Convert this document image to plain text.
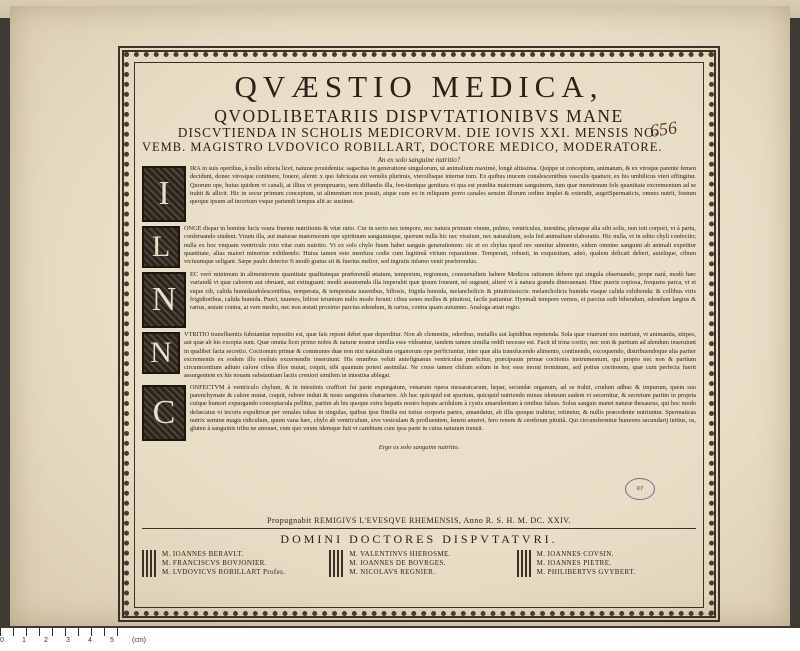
656
RF
QVÆSTIO MEDICA,
QVODLIBETARIIS DISPVTATIONIBVS MANE
DISCVTIENDA IN SCHOLIS MEDICORVM. DIE IOVIS XXI. MENSIS NO-
VEMB. MAGISTRO LVDOVICO ROBILLART, DOCTORE MEDICO, MODERATORE.
An ex solo sanguine nutritio?
I
IRA in suis operibus, à nullo edocta licet, naturæ prouidentia: sagacitas in generatione singulorum, ut animalium maximè, longè altissima. Quippe ut conceptum, animatum, & ex vtroque parente femen decidunt, donec virosque continere, fouere, aleret: x quo fabricata est venulis plurimis, vteroilisque internæ tum. Ex quibus inucem conalescentibus vasculis quatuor, ex his umbilicus vteri effingitur. Quorum ope, huius quidem vt canali, at illius vt prompruario, sem diffandis illa, fen-tientque genitura vi qua est prædita maternum sanguinem, tum quæ menstruum fols quantitate excrementum ad se trahit & allicit. Hic in secur primum conceptum, ut alimentum non possit, atque cum eo in reliquum porro canales sensim illorum ordine implet & extendit, augetSpermaticis, omnes nutrit, foetum quoque ipsum ad incertum vsque partendi tempus alit ac sustinet.
L
ONGE dispar in homine lucis vsura fruente nutritionis & vitæ ratio. Cur in secto nec tempore, nec natura primum vinum, pulmo, ventriculus, intestina, pleraque alia sibi solis, non toti corpori, vt à partu, conferuando student. Vnum illa, aut maturae maternorum ope spirituum sanguinisque, quorum nulla hic nec visuium, nec naturalium, sola fed animalium elaboratio. Hic nulla, vt in edito chyli confectio; nulla ex hoc vnquam ventriculo roto vitæ cum nutritio. Vt ex solo chylo fuum habet sanguis generationem: sic et eo chylus quod ore sumitur alimento, eidem omnino sanguini ab animali expetitur quantitate, alias maiori minoriue exhibendo. Huius tamen esto menfura codis cum legitimâ virium reparatione. Temperati, robusti, in exquisitum, adeò, qualem delicati deberi, autelique, cibum victuumque seligant. Sæpe paulo deterior fi modò gratus sit & fuerius melior, sed ingratis infamo venit præferendus.
N
EC verò minimum in alimentorum quantitate qualitateque præferendâ ætatum, temporum, regionum, consuetudinis habere Medicos rationem debere qui singula obseruando, prope narâ, modò hæc variandâ vt quæ calorem aut obruant, aut extinguant: modò assumenda illa imperabit quæ ipsum foueant, nó sugeant, alteré vt à natura grandu dimouenant. Hinc pueris copiosa, frequens parca, vt et sique cib, calida humidaudolescentibus, temperata, & tempestata iuuenibus, biliosis, frigida humida, melancholicis & pituitoissiccis: melancholicis humida vtaque calida exhibenda: & collibus viris frigidioribus, calida humida. Pueri, iuuenes, biliosi ieiunium nullo modo ferunt: cibus senes molles & pituitosi, facile patiuntur. Hyemali tempore vernos, et parcius estb bibendum, edendum largius & rarius, æstate contra, at vere medio, nec non æstati proximo parcius edendum, & rarius, contra quam autumno. Analoga ætati regio.
N
VTRITIO transfluentis fubstantiæ repositio est, quæ fais reponi debet quæ deperditur. Non ab clementis, odoribus, metallis aut lapidibus repetenda. Sola quæ viuerunt nos nutriunt, vt animantia, stirpes, aut quæ ab his excepta sunt. Quæ omnia licet primo nobis & naturæ nostræ similia esse videantur, tandem tamen similia reddi necesse est. Facit id trina coctio, nec non & partium ad alendum inseruiunt in qualibet facta secretio. Coctionum primæ & communes duæ non nisi naturalium organorum ope perficiuntur, inter quæ alia transfucendo alimento, continendo, excoquendo, distribuendoque alia pariter excrementis ex eodem illo resiluis excernendis inseruiunt. His omnibus veluti antefignanus ventriculus præficitur, præcipuum primæ coctionis instrumentum, qui propio nec non & partium circumcentium adiuto calore cibos illos mutat, coquit, sibi quantum potest assimilat. Ne cruos tamen chilum solum in hoc esse morat terminum, sed potius coctionem, quæ cum perfecta fuerit assurgentem ex his nouam substantiam lactis creniori similem in intestina ablegat.
C
ONFECTVM à ventriculo chylum, & in intestinis craffiori fui parte expurgatum, venarum opera mesaraicarum, hepar, secundæ organum, ad se trahit, crudum adhuc & impurum, quem suo parenchymate & calore mutat, coquit, rubore induit & nouo sanguinis charactere. Ab hoc quicquid est spurium, quicquid nutriendo minus idoneum eadem vi secernitur, & secretum partim in propria cuique humori expurgando conceptacula pellitur, partim ab his quoque extra hepatis nostro hepate acidulum à cystis amarulentum à renibus falsus. Solus sanguis manet naturæ thesaurus, qui hoc modo defæcatus vi iecoris expultricæ per venales tubas in singulas, quibus ipse fimilis est totius corporis partes, amandatur, ab illis quoque trahitur, retinetur, & nullis præcedente nutriuntur. Spermaticas nutrix semine magis ridiculum, quum vana hæc, chylo ab ventriculum, sive vesiculam & profluentem, lenem amerei, fero renem & cerebrum pituitâ. Qui circumferentur humores secundarij initius, os, gluten à sanguinis tribu ne amouet, cum quo vnum idemque fuit vt cambium cum ipsa parte in cuius naturam transit.
Ergo ex solo sanguine nutritio.
Propugnabit REMIGIVS L'EVESQVE RHEMENSIS, Anno R. S. H. M. DC. XXIV.
DOMINI DOCTORES DISPVTATVRI.
M. IOANNES BERAVLT.
M. FRANCISCVS BOVJONIER.
M. LVDOVICVS ROBILLART Profes.
M. VALENTINVS HIEROSME.
M. IOANNES DE BOVRGES.
M. NICOLAVS REGNIER.
M. IOANNES COVSIN.
M. IOANNES PIETRE.
M. PHILIBERTVS GVYBERT.
0	1	2	3	4	5	(cm)
